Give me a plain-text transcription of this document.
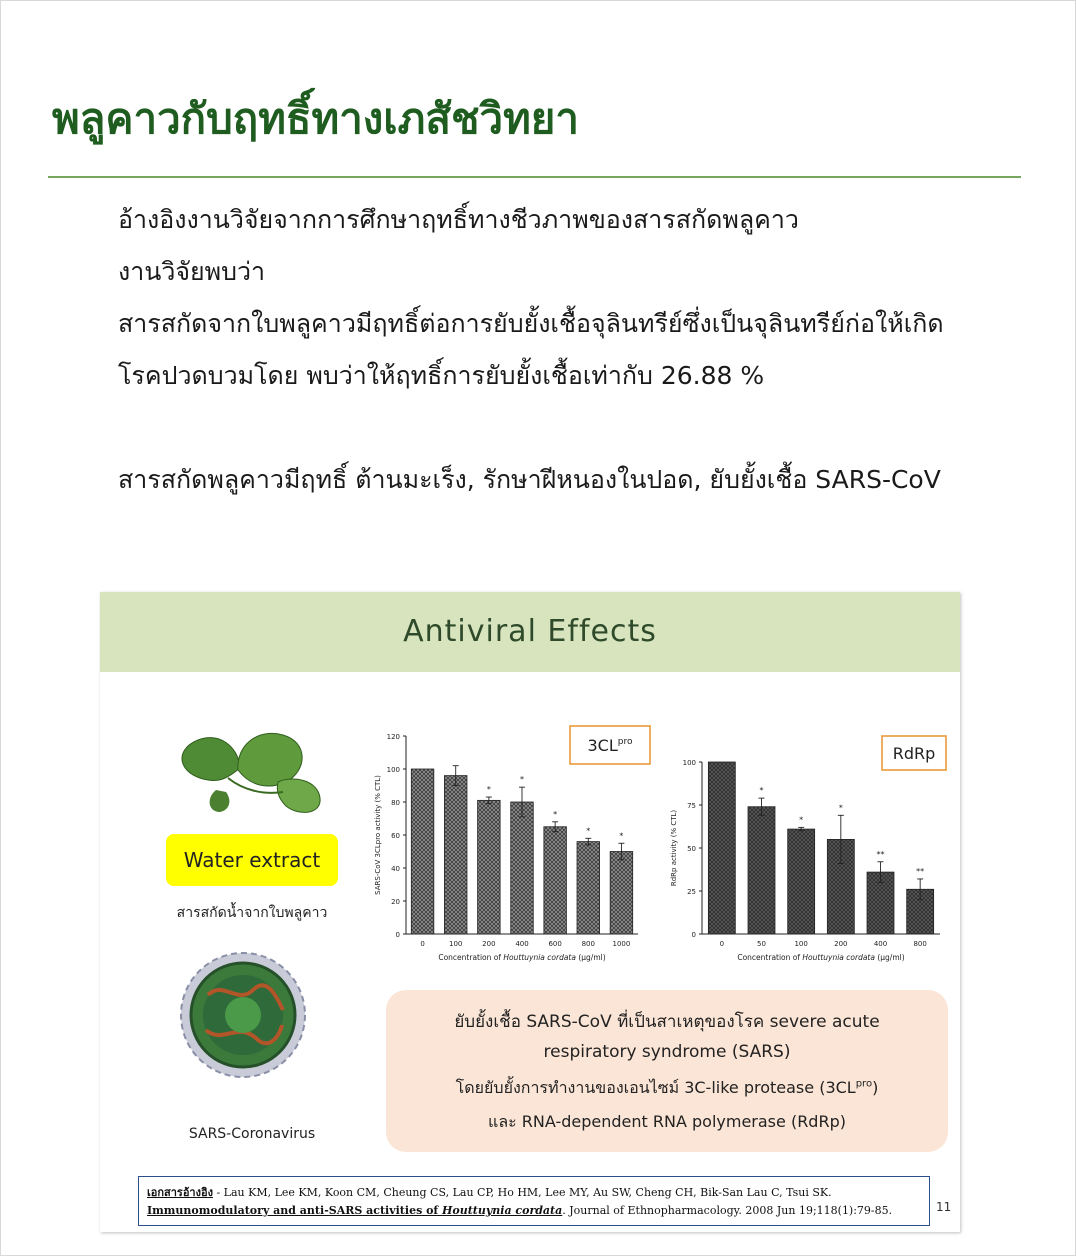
พลูคาวกับฤทธิ์ทางเภสัชวิทยา
อ้างอิงงานวิจัยจากการศึกษาฤทธิ์ทางชีวภาพของสารสกัดพลูคาว
งานวิจัยพบว่า
สารสกัดจากใบพลูคาวมีฤทธิ์ต่อการยับยั้งเชื้อจุลินทรีย์ซึ่งเป็นจุลินทรีย์ก่อให้เกิด
โรคปวดบวมโดย พบว่าให้ฤทธิ์การยับยั้งเชื้อเท่ากับ 26.88 %
สารสกัดพลูคาวมีฤทธิ์ ต้านมะเร็ง, รักษาฝีหนองในปอด, ยับยั้งเชื้อ SARS-CoV
Antiviral Effects
Water extract
สารสกัดน้ำจากใบพลูคาว
SARS-Coronavirus
0
20
40
60
80
100
120
0	100
*
200
*
400
*
600
*
800
*
1000
Concentration of Houttuynia cordata (µg/ml)
SARS-CoV 3CLpro activity (% CTL)
$3CL^{pro}$
0
25
50
75
100
0
*
50
*
100
*
200
**
400
**
800
Concentration of Houttuynia cordata (µg/ml)
RdRp activity (% CTL)
RdRp
ยับยั้งเชื้อ SARS-CoV ที่เป็นสาเหตุของโรค severe acute
respiratory syndrome (SARS)
โดยยับยั้งการทำงานของเอนไซม์ 3C-like protease $(3CL^{pro})$
และ RNA-dependent RNA polymerase (RdRp)
เอกสารอ้างอิง - Lau KM, Lee KM, Koon CM, Cheung CS, Lau CP, Ho HM, Lee MY, Au SW, Cheng CH, Bik-San Lau C, Tsui SK.
Immunomodulatory and anti-SARS activities of Houttuynia cordata. Journal of Ethnopharmacology. 2008 Jun 19;118(1):79-85.	11
